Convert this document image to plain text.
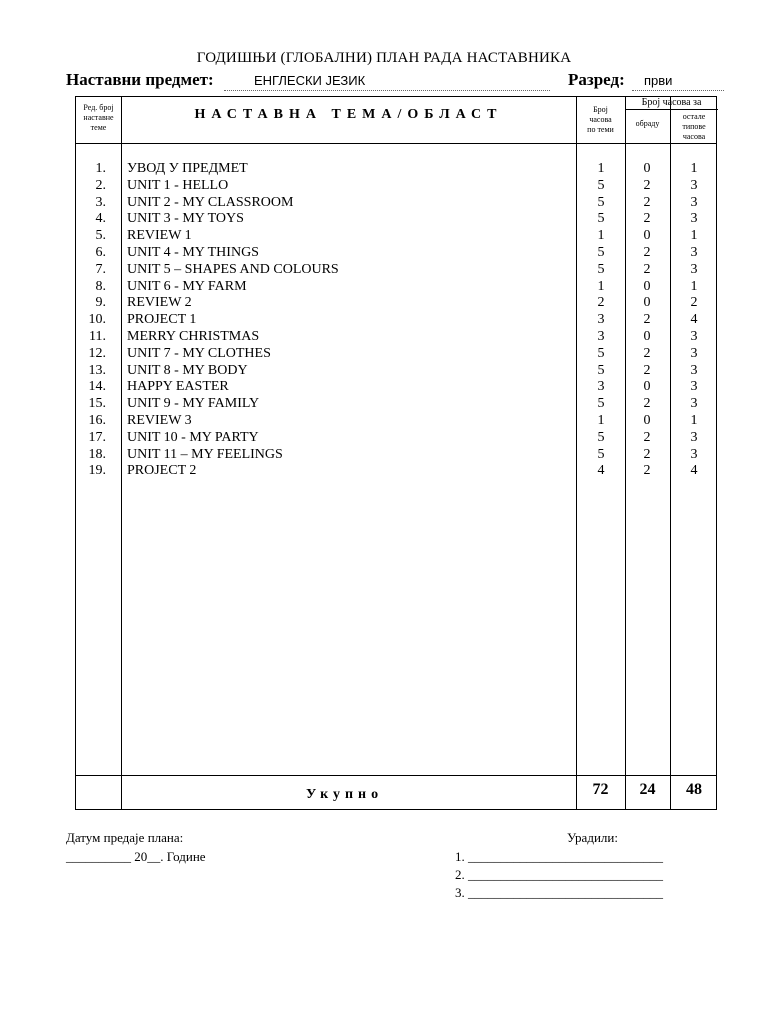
ГОДИШЊИ (ГЛОБАЛНИ) ПЛАН РАДА НАСТАВНИКА
Наставни предмет:	ЕНГЛЕСКИ ЈЕЗИК	Разред:	први
Ред. број
наставне
теме
НАСТАВНА ТЕМА/ОБЛАСТ	Број
часова
по теми
Број часова за
обраду
остале
типове
часова
1. УВОД У ПРЕДМЕТ	1	0	1
2. UNIT 1 - HELLO	5	2	3
3. UNIT 2 - MY CLASSROOM	5	2	3
4. UNIT 3 - MY TOYS	5	2	3
5. REVIEW 1	1	0	1
6. UNIT 4 - MY THINGS	5	2	3
7. UNIT 5 – SHAPES AND COLOURS	5	2	3
8. UNIT 6 - MY FARM	1	0	1
9. REVIEW 2	2	0	2
10. PROJECT 1	3	2	4
11. MERRY CHRISTMAS	3	0	3
12. UNIT 7 - MY CLOTHES	5	2	3
13. UNIT 8 - MY BODY	5	2	3
14. HAPPY EASTER	3	0	3
15. UNIT 9 - MY FAMILY	5	2	3
16. REVIEW 3	1	0	1
17. UNIT 10 - MY PARTY	5	2	3
18. UNIT 11 – MY FEELINGS	5	2	3
19. PROJECT 2	4	2	4
Укупно	72	24	48
Датум предаје плана:
__________ 20__. Године
Урадили:
1. ______________________________
2. ______________________________
3. ______________________________
